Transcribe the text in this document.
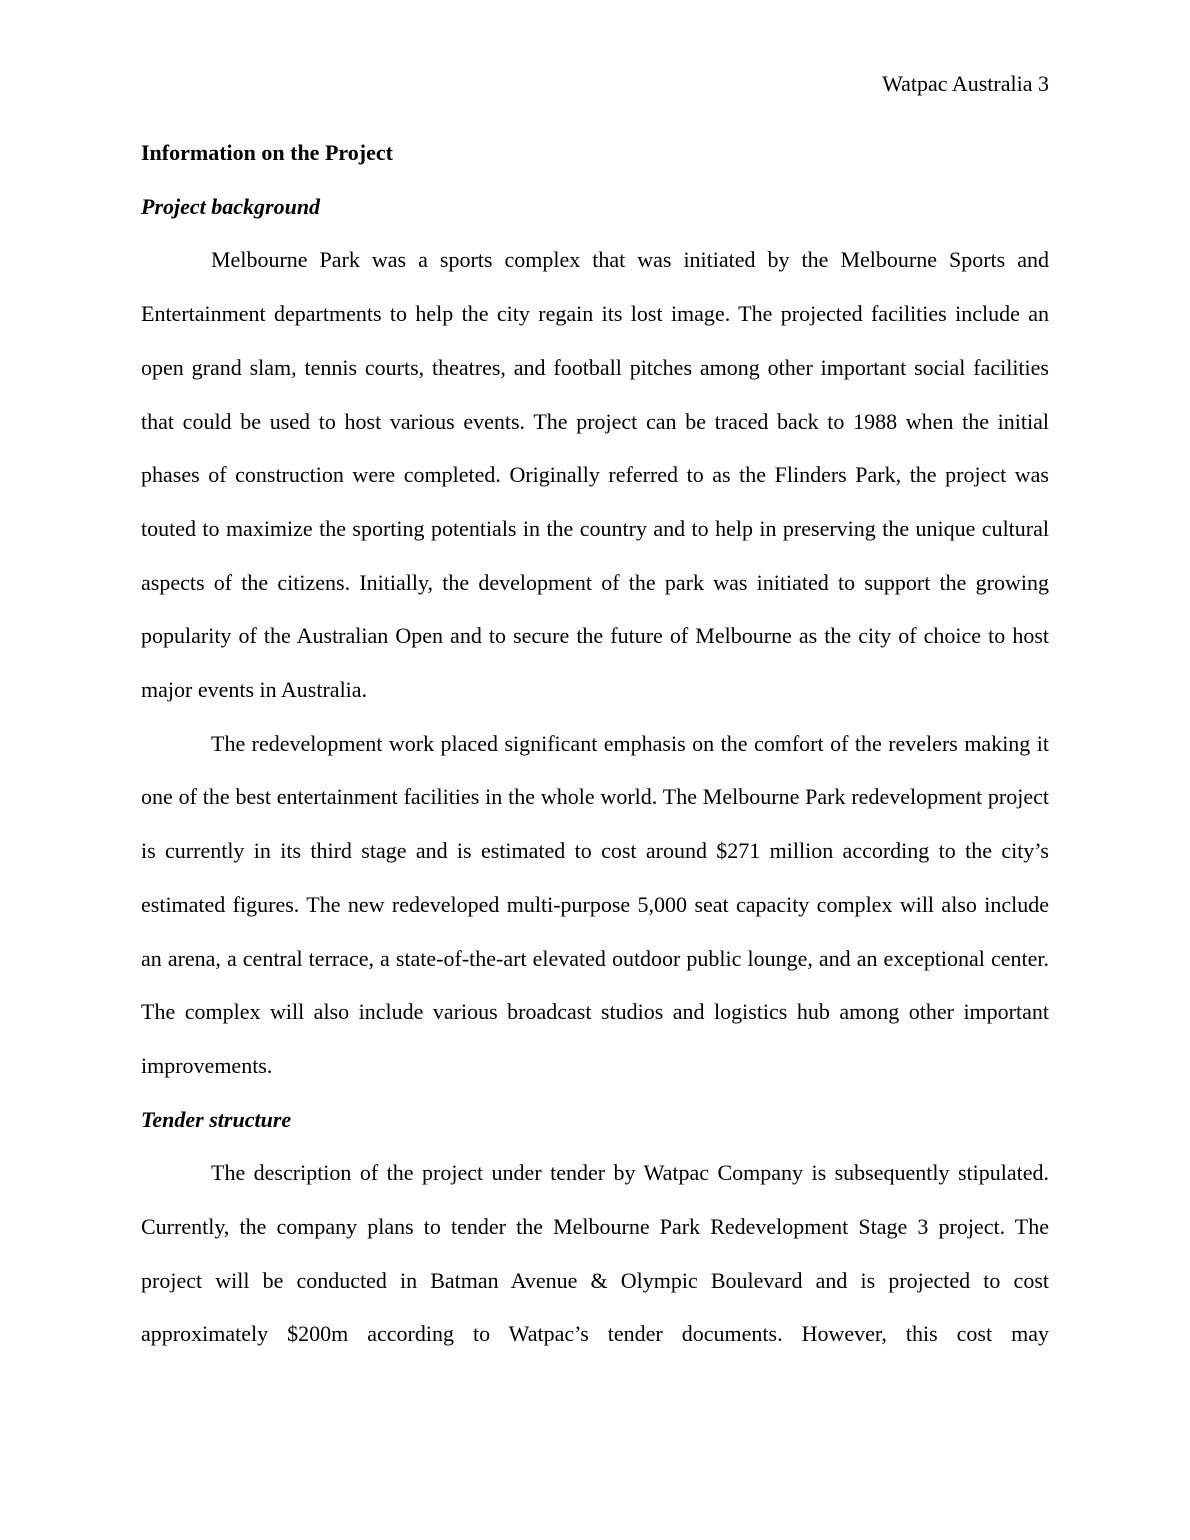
Watpac Australia 3
Information on the Project
Project background

Melbourne Park was a sports complex that was initiated by the Melbourne Sports and Entertainment departments to help the city regain its lost image. The projected facilities include an open grand slam, tennis courts, theatres, and football pitches among other important social facilities that could be used to host various events. The project can be traced back to 1988 when the initial phases of construction were completed. Originally referred to as the Flinders Park, the project was touted to maximize the sporting potentials in the country and to help in preserving the unique cultural aspects of the citizens. Initially, the development of the park was initiated to support the growing popularity of the Australian Open and to secure the future of Melbourne as the city of choice to host major events in Australia.

The redevelopment work placed significant emphasis on the comfort of the revelers making it one of the best entertainment facilities in the whole world. The Melbourne Park redevelopment project is currently in its third stage and is estimated to cost around $271 million according to the city’s estimated figures. The new redeveloped multi-purpose 5,000 seat capacity complex will also include an arena, a central terrace, a state-of-the-art elevated outdoor public lounge, and an exceptional center. The complex will also include various broadcast studios and logistics hub among other important improvements.

Tender structure

The description of the project under tender by Watpac Company is subsequently stipulated. Currently, the company plans to tender the Melbourne Park Redevelopment Stage 3 project. The project will be conducted in Batman Avenue & Olympic Boulevard and is projected to cost approximately $200m according to Watpac’s tender documents. However, this cost may
